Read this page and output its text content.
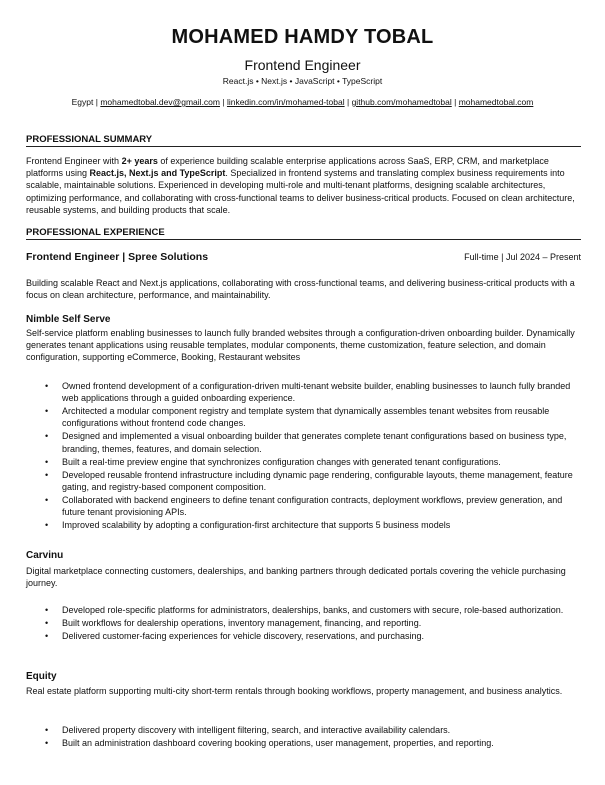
MOHAMED HAMDY TOBAL
Frontend Engineer
React.js • Next.js • JavaScript • TypeScript
Egypt | mohamedtobal.dev@gmail.com | linkedin.com/in/mohamed-tobal | github.com/mohamedtobal | mohamedtobal.com
PROFESSIONAL SUMMARY
Frontend Engineer with 2+ years of experience building scalable enterprise applications across SaaS, ERP, CRM, and marketplace platforms using React.js, Next.js and TypeScript. Specialized in frontend systems and translating complex business requirements into scalable, maintainable solutions. Experienced in developing multi-role and multi-tenant platforms, designing scalable architectures, optimizing performance, and collaborating with cross-functional teams to deliver business-critical products. Focused on clean architecture, reusable systems, and building products that scale.
PROFESSIONAL EXPERIENCE
Frontend Engineer | Spree Solutions	Full-time | Jul 2024 – Present
Building scalable React and Next.js applications, collaborating with cross-functional teams, and delivering business-critical products with a focus on clean architecture, performance, and maintainability.
Nimble Self Serve
Self-service platform enabling businesses to launch fully branded websites through a configuration-driven onboarding builder. Dynamically generates tenant applications using reusable templates, modular components, theme customization, feature selection, and domain configuration, supporting eCommerce, Booking, Restaurant websites
• Owned frontend development of a configuration-driven multi-tenant website builder, enabling businesses to launch fully branded web applications through a guided onboarding experience.
• Architected a modular component registry and template system that dynamically assembles tenant websites from reusable configurations without frontend code changes.
• Designed and implemented a visual onboarding builder that generates complete tenant configurations based on business type, branding, themes, features, and domain selection.
• Built a real-time preview engine that synchronizes configuration changes with generated tenant configurations.
• Developed reusable frontend infrastructure including dynamic page rendering, configurable layouts, theme management, feature gating, and registry-based component composition.
• Collaborated with backend engineers to define tenant configuration contracts, deployment workflows, preview generation, and future tenant provisioning APIs.
• Improved scalability by adopting a configuration-first architecture that supports 5 business models
Carvinu
Digital marketplace connecting customers, dealerships, and banking partners through dedicated portals covering the vehicle purchasing journey.
• Developed role-specific platforms for administrators, dealerships, banks, and customers with secure, role-based authorization.
• Built workflows for dealership operations, inventory management, financing, and reporting.
• Delivered customer-facing experiences for vehicle discovery, reservations, and purchasing.
Equity
Real estate platform supporting multi-city short-term rentals through booking workflows, property management, and business analytics.
• Delivered property discovery with intelligent filtering, search, and interactive availability calendars.
• Built an administration dashboard covering booking operations, user management, properties, and reporting.
